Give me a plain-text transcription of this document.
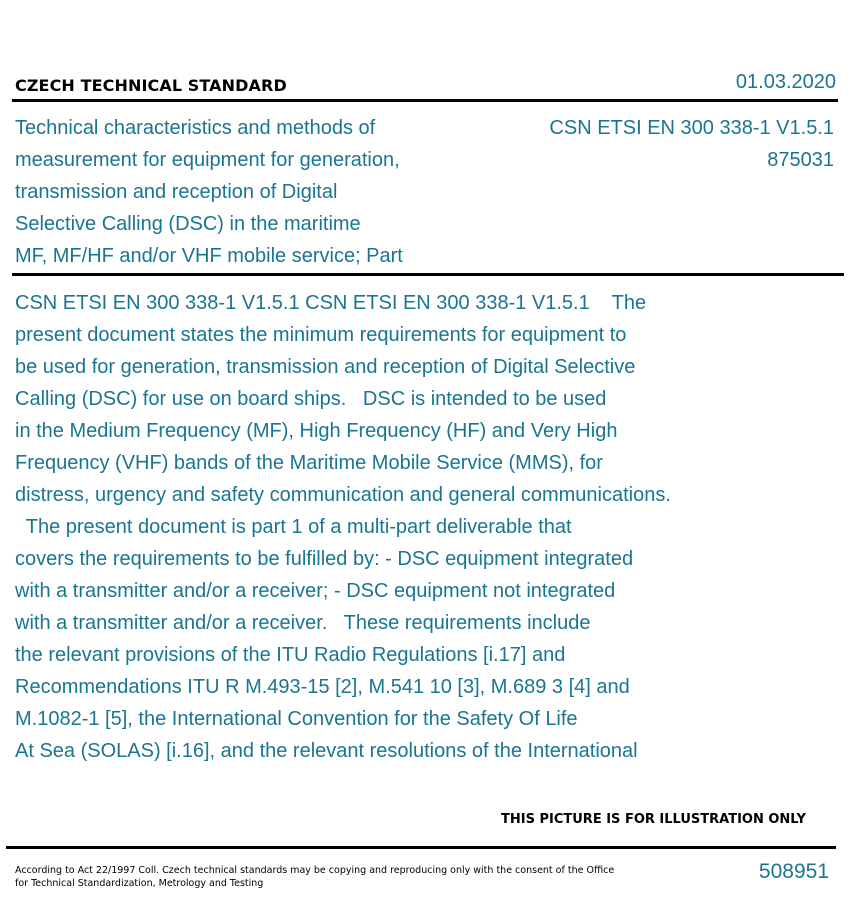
CZECH TECHNICAL STANDARD	01.03.2020
Technical characteristics and methods of
measurement for equipment for generation,
transmission and reception of Digital
Selective Calling (DSC) in the maritime
MF, MF/HF and/or VHF mobile service; Part
CSN ETSI EN 300 338-1 V1.5.1
875031
CSN ETSI EN 300 338-1 V1.5.1 CSN ETSI EN 300 338-1 V1.5.1    The
present document states the minimum requirements for equipment to
be used for generation, transmission and reception of Digital Selective
Calling (DSC) for use on board ships.   DSC is intended to be used
in the Medium Frequency (MF), High Frequency (HF) and Very High
Frequency (VHF) bands of the Maritime Mobile Service (MMS), for
distress, urgency and safety communication and general communications.
The present document is part 1 of a multi-part deliverable that
covers the requirements to be fulfilled by: - DSC equipment integrated
with a transmitter and/or a receiver; - DSC equipment not integrated
with a transmitter and/or a receiver.   These requirements include
the relevant provisions of the ITU Radio Regulations [i.17] and
Recommendations ITU R M.493-15 [2], M.541 10 [3], M.689 3 [4] and
M.1082-1 [5], the International Convention for the Safety Of Life
At Sea (SOLAS) [i.16], and the relevant resolutions of the International
THIS PICTURE IS FOR ILLUSTRATION ONLY
According to Act 22/1997 Coll. Czech technical standards may be copying and reproducing only with the consent of the Office
for Technical Standardization, Metrology and Testing
508951
